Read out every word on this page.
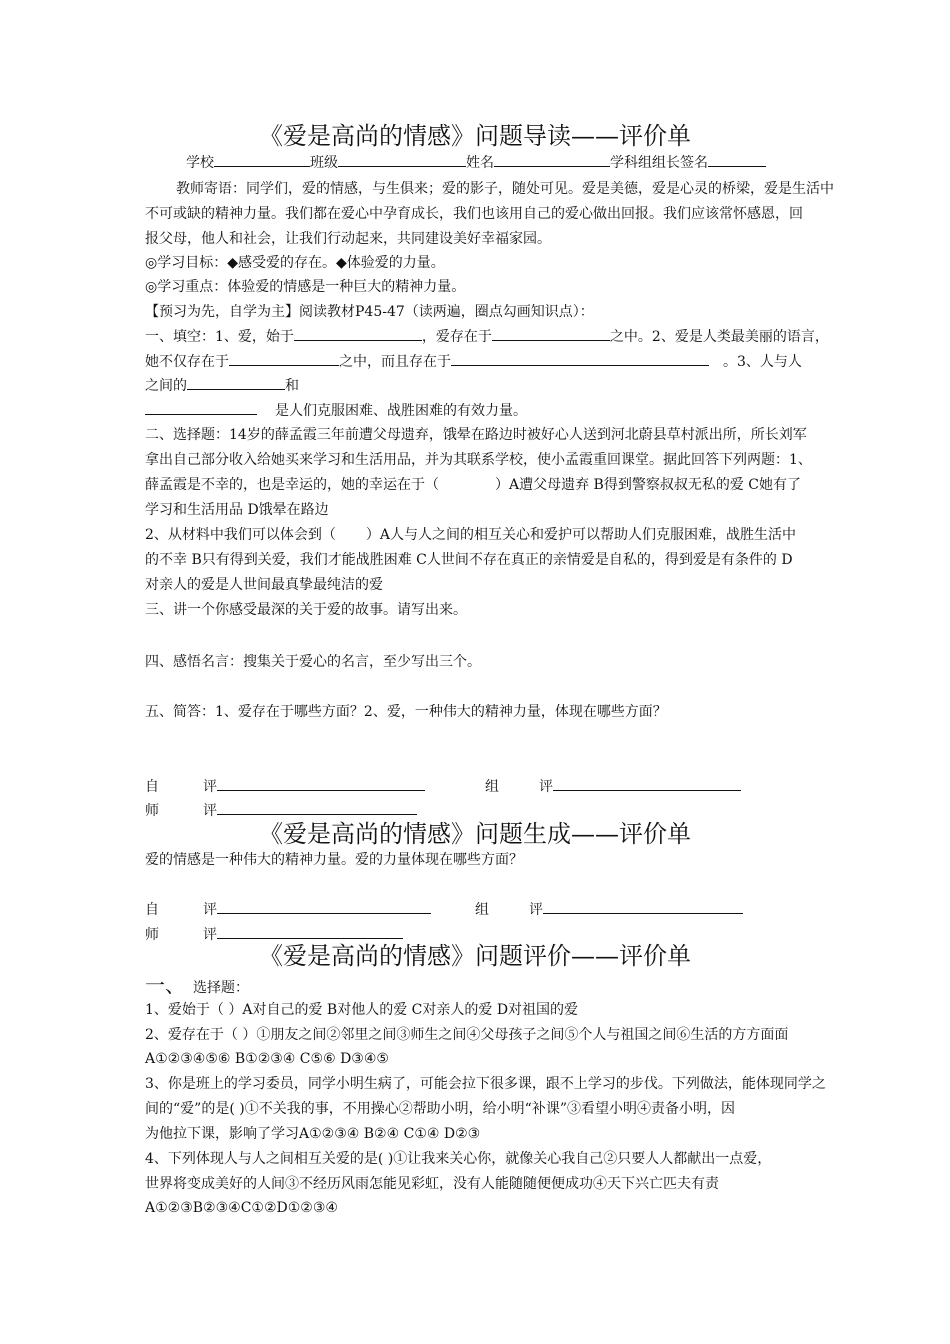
《爱是高尚的情感》问题导读——评价单
学校	班级	姓名	学科组组长签名
教师寄语：同学们，爱的情感，与生俱来；爱的影子，随处可见。爱是美德，爱是心灵的桥梁，爱是生活中
不可或缺的精神力量。我们都在爱心中孕育成长，我们也该用自己的爱心做出回报。我们应该常怀感恩，回
报父母，他人和社会，让我们行动起来，共同建设美好幸福家园。
◎学习目标：◆感受爱的存在。◆体验爱的力量。
◎学习重点：体验爱的情感是一种巨大的精神力量。
【预习为先，自学为主】阅读教材P45-47（读两遍，圈点勾画知识点）：
一、填空：1、爱，始于	，爱存在于	之中。2、爱是人类最美丽的语言，
她不仅存在于	之中，而且存在于	。3、人与人
之间的	和
是人们克服困难、战胜困难的有效力量。
二、选择题：14岁的薛孟霞三年前遭父母遗弃，饿晕在路边时被好心人送到河北蔚县草村派出所，所长刘军
拿出自己部分收入给她买来学习和生活用品，并为其联系学校，使小孟霞重回课堂。据此回答下列两题：1、
薛孟霞是不幸的，也是幸运的，她的幸运在于（	）A遭父母遗弃 B得到警察叔叔无私的爱 C她有了
学习和生活用品 D饿晕在路边
2、从材料中我们可以体会到（ ）A人与人之间的相互关心和爱护可以帮助人们克服困难，战胜生活中
的不幸 B只有得到关爱，我们才能战胜困难 C人世间不存在真正的亲情爱是自私的，得到爱是有条件的 D
对亲人的爱是人世间最真挚最纯洁的爱
三、讲一个你感受最深的关于爱的故事。请写出来。
四、感悟名言：搜集关于爱心的名言，至少写出三个。
五、简答：1、爱存在于哪些方面？2、爱，一种伟大的精神力量，体现在哪些方面？
自	评	组	评
师	评
《爱是高尚的情感》问题生成——评价单
爱的情感是一种伟大的精神力量。爱的力量体现在哪些方面？
自	评	组	评
师	评
《爱是高尚的情感》问题评价——评价单
一、 选择题：
1、爱始于（ ）A对自己的爱 B对他人的爱 C对亲人的爱 D对祖国的爱
2、爱存在于（ ）①朋友之间②邻里之间③师生之间④父母孩子之间⑤个人与祖国之间⑥生活的方方面面
A①②③④⑤⑥ B①②③④ C⑤⑥ D③④⑤
3、你是班上的学习委员，同学小明生病了，可能会拉下很多课，跟不上学习的步伐。下列做法，能体现同学之
间的“爱”的是( )①不关我的事，不用操心②帮助小明，给小明“补课”③看望小明④责备小明，因
为他拉下课，影响了学习A①②③④ B②④ C①④ D②③
4、下列体现人与人之间相互关爱的是( )①让我来关心你，就像关心我自己②只要人人都献出一点爱，
世界将变成美好的人间③不经历风雨怎能见彩虹，没有人能随随便便成功④天下兴亡匹夫有责
A①②③B②③④C①②D①②③④
